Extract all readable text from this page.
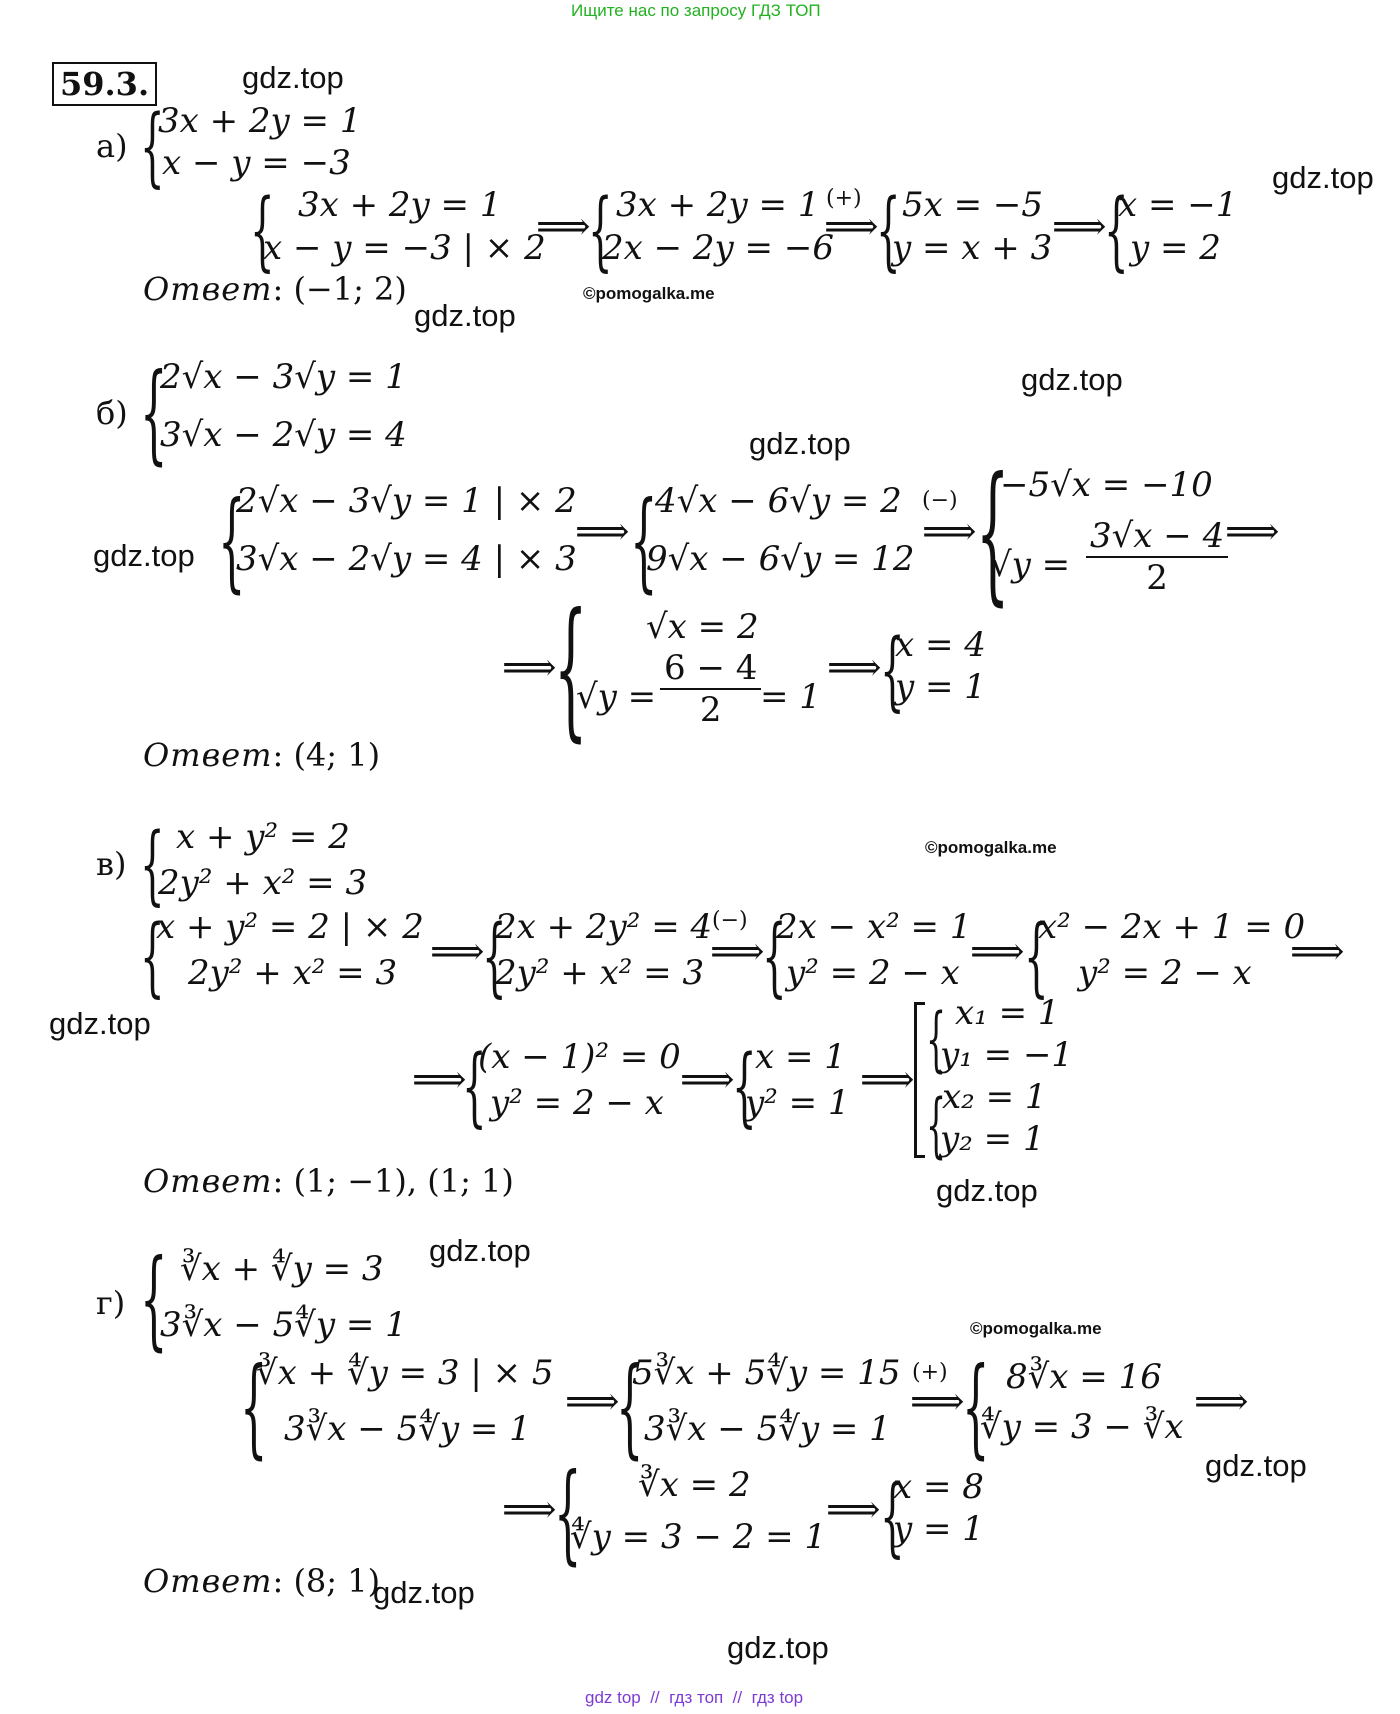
Ищите нас по запросу ГДЗ ТОП
59.3.	gdz.top
gdz.top
gdz.top
gdz.top
gdz.top
gdz.top
gdz.top
gdz.top
gdz.top
gdz.top
gdz.top
gdz.top
©pomogalka.me
©pomogalka.me
©pomogalka.me
а) {
3x + 2y = 1
x − y = −3
{ 3x + 2y = 1
x − y = −3 | × 2
⟹
{ 3x + 2y = 1
2x − 2y = −6
(+)
⟹
{ 5x = −5
y = x + 3 ⟹
{
x = −1
y = 2
Ответ: (−1; 2)
б) {
2√x − 3√y = 1
3√x − 2√y = 4
{
2√x − 3√y = 1 | × 2
3√x − 2√y = 4 | × 3
⟹ {
4√x − 6√y = 2
9√x − 6√y = 12
(−)
⟹ {
−5√x = −10
$√y = \frac{3√x - 4}{2}$
⟹
⟹
{ √x = 2
$√y = \frac{6 - 4}{2}$
= 1
⟹
{
x = 4
y = 1
Ответ: (4; 1)
в) { x + y² = 2
2y² + x² = 3
{
x + y² = 2 | × 2
2y² + x² = 3 ⟹
{
2x + 2y² = 4
2y² + x² = 3
(−)
⟹
{
2x − x² = 1
y² = 2 − x ⟹ {
x² − 2x + 1 = 0
y² = 2 − x ⟹
⟹
{
(x − 1)² = 0
y² = 2 − x
⟹
{
x = 1
y² = 1
⟹ { x₁ = 1
y₁ = −1
{
x₂ = 1
y₂ = 1
Ответ: (1; −1), (1; 1)
г) { ∛x + ∜y = 3
3∛x − 5∜y = 1
{
∛x + ∜y = 3 | × 5
3∛x − 5∜y = 1
⟹
{
5∛x + 5∜y = 15
3∛x − 5∜y = 1
(+)
⟹
{ 8∛x = 16
∜y = 3 − ∛x
⟹
⟹
{ ∛x = 2
∜y = 3 − 2 = 1
⟹ {
x = 8
y = 1
Ответ: (8; 1)
gdz top  //  гдз топ  //  гдз top
